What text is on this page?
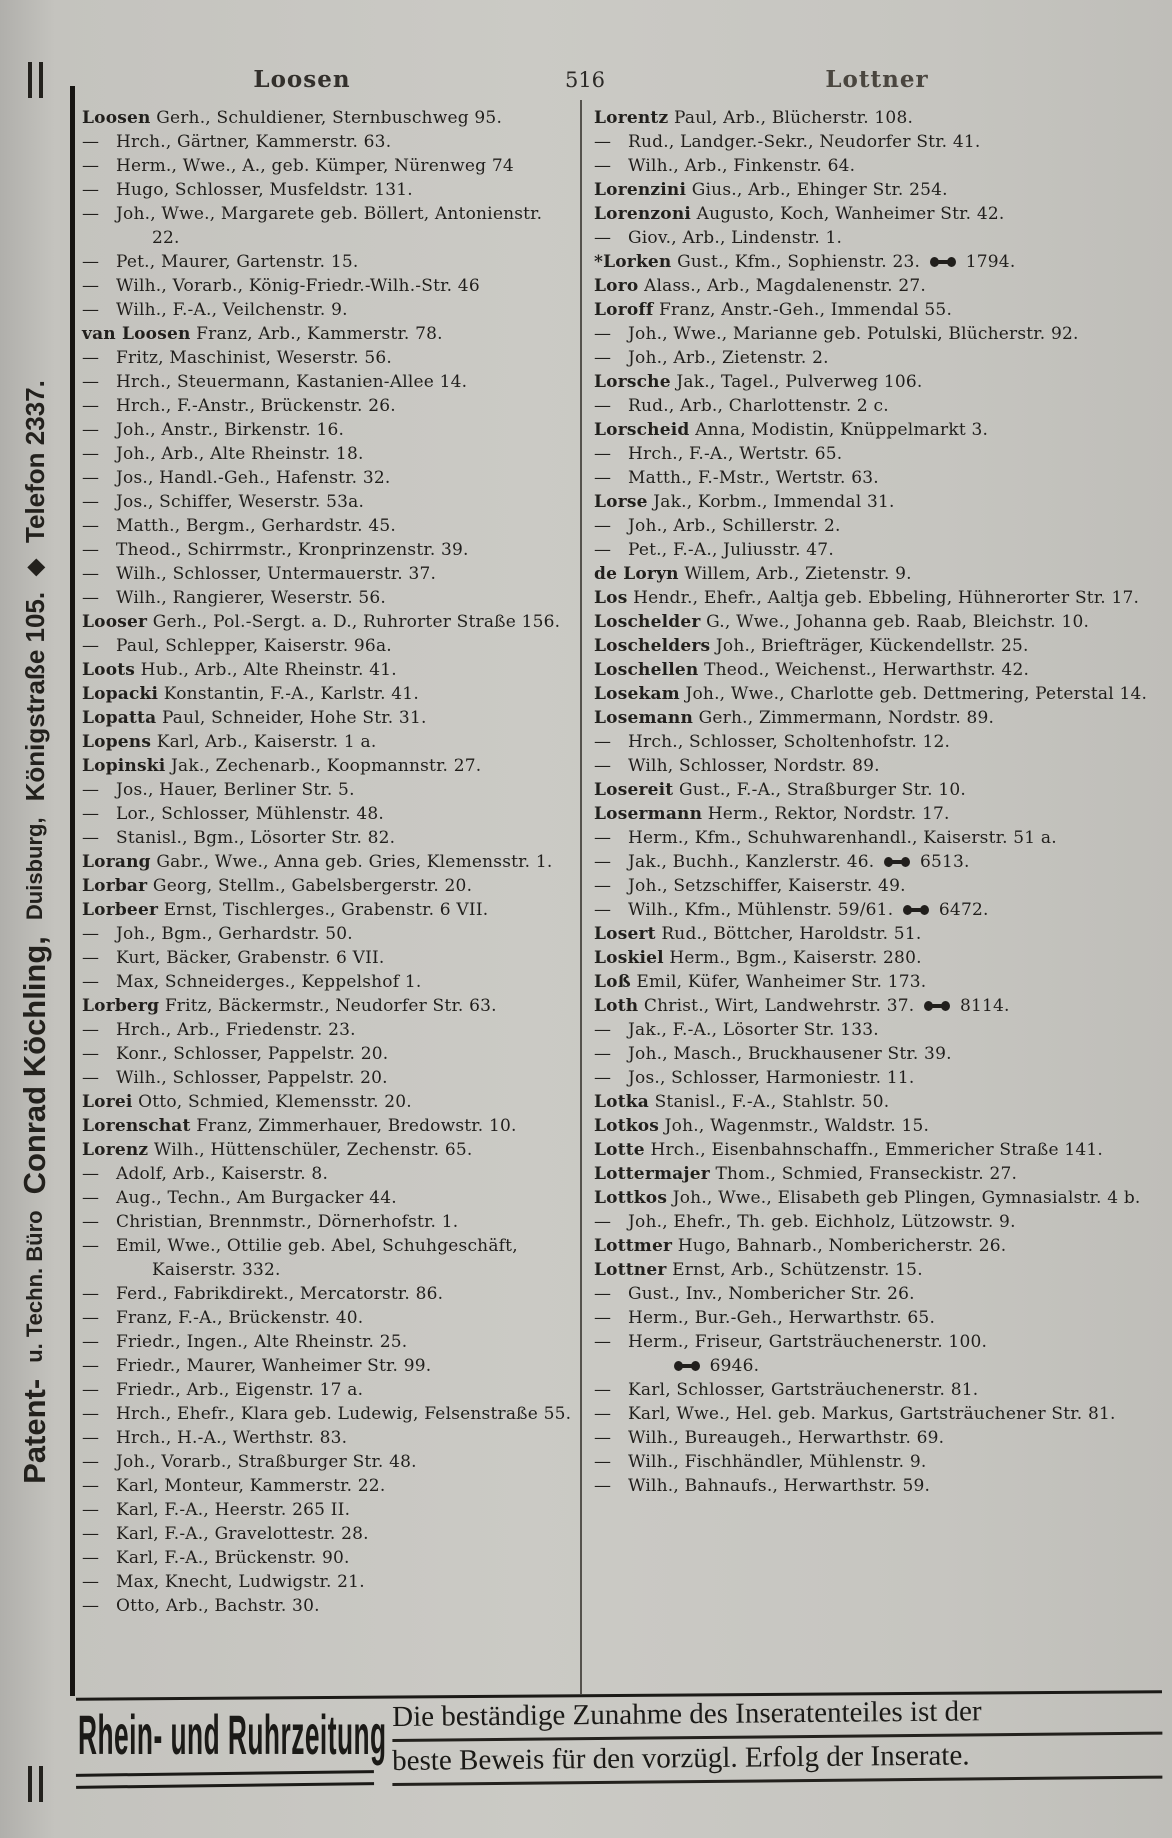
Patent-
u. Techn. Büro
Conrad Köchling,
Duisburg,
Königstraße 105.
◆
Telefon 2337.
Loosen	516	Lottner
Loosen Gerh., Schuldiener, Sternbuschweg 95.
— Hrch., Gärtner, Kammerstr. 63.
— Herm., Wwe., A., geb. Kümper, Nürenweg 74
— Hugo, Schlosser, Musfeldstr. 131.
— Joh., Wwe., Margarete geb. Böllert, Antonienstr. 22.
— Pet., Maurer, Gartenstr. 15.
— Wilh., Vorarb., König-Friedr.-Wilh.-Str. 46
— Wilh., F.-A., Veilchenstr. 9.
van Loosen Franz, Arb., Kammerstr. 78.
— Fritz, Maschinist, Weserstr. 56.
— Hrch., Steuermann, Kastanien-Allee 14.
— Hrch., F.-Anstr., Brückenstr. 26.
— Joh., Anstr., Birkenstr. 16.
— Joh., Arb., Alte Rheinstr. 18.
— Jos., Handl.-Geh., Hafenstr. 32.
— Jos., Schiffer, Weserstr. 53a.
— Matth., Bergm., Gerhardstr. 45.
— Theod., Schirrmstr., Kronprinzenstr. 39.
— Wilh., Schlosser, Untermauerstr. 37.
— Wilh., Rangierer, Weserstr. 56.
Looser Gerh., Pol.-Sergt. a. D., Ruhrorter Straße 156.
— Paul, Schlepper, Kaiserstr. 96a.
Loots Hub., Arb., Alte Rheinstr. 41.
Lopacki Konstantin, F.-A., Karlstr. 41.
Lopatta Paul, Schneider, Hohe Str. 31.
Lopens Karl, Arb., Kaiserstr. 1 a.
Lopinski Jak., Zechenarb., Koopmannstr. 27.
— Jos., Hauer, Berliner Str. 5.
— Lor., Schlosser, Mühlenstr. 48.
— Stanisl., Bgm., Lösorter Str. 82.
Lorang Gabr., Wwe., Anna geb. Gries, Klemensstr. 1.
Lorbar Georg, Stellm., Gabelsbergerstr. 20.
Lorbeer Ernst, Tischlerges., Grabenstr. 6 VII.
— Joh., Bgm., Gerhardstr. 50.
— Kurt, Bäcker, Grabenstr. 6 VII.
— Max, Schneiderges., Keppelshof 1.
Lorberg Fritz, Bäckermstr., Neudorfer Str. 63.
— Hrch., Arb., Friedenstr. 23.
— Konr., Schlosser, Pappelstr. 20.
— Wilh., Schlosser, Pappelstr. 20.
Lorei Otto, Schmied, Klemensstr. 20.
Lorenschat Franz, Zimmerhauer, Bredowstr. 10.
Lorenz Wilh., Hüttenschüler, Zechenstr. 65.
— Adolf, Arb., Kaiserstr. 8.
— Aug., Techn., Am Burgacker 44.
— Christian, Brennmstr., Dörnerhofstr. 1.
— Emil, Wwe., Ottilie geb. Abel, Schuhgeschäft, Kaiserstr. 332.
— Ferd., Fabrikdirekt., Mercatorstr. 86.
— Franz, F.-A., Brückenstr. 40.
— Friedr., Ingen., Alte Rheinstr. 25.
— Friedr., Maurer, Wanheimer Str. 99.
— Friedr., Arb., Eigenstr. 17 a.
— Hrch., Ehefr., Klara geb. Ludewig, Felsenstraße 55.
— Hrch., H.-A., Werthstr. 83.
— Joh., Vorarb., Straßburger Str. 48.
— Karl, Monteur, Kammerstr. 22.
— Karl, F.-A., Heerstr. 265 II.
— Karl, F.-A., Gravelottestr. 28.
— Karl, F.-A., Brückenstr. 90.
— Max, Knecht, Ludwigstr. 21.
— Otto, Arb., Bachstr. 30.
Lorentz Paul, Arb., Blücherstr. 108.
— Rud., Landger.-Sekr., Neudorfer Str. 41.
— Wilh., Arb., Finkenstr. 64.
Lorenzini Gius., Arb., Ehinger Str. 254.
Lorenzoni Augusto, Koch, Wanheimer Str. 42.
— Giov., Arb., Lindenstr. 1.
*Lorken Gust., Kfm., Sophienstr. 23. 1794.
Loro Alass., Arb., Magdalenenstr. 27.
Loroff Franz, Anstr.-Geh., Immendal 55.
— Joh., Wwe., Marianne geb. Potulski, Blücherstr. 92.
— Joh., Arb., Zietenstr. 2.
Lorsche Jak., Tagel., Pulverweg 106.
— Rud., Arb., Charlottenstr. 2 c.
Lorscheid Anna, Modistin, Knüppelmarkt 3.
— Hrch., F.-A., Wertstr. 65.
— Matth., F.-Mstr., Wertstr. 63.
Lorse Jak., Korbm., Immendal 31.
— Joh., Arb., Schillerstr. 2.
— Pet., F.-A., Juliusstr. 47.
de Loryn Willem, Arb., Zietenstr. 9.
Los Hendr., Ehefr., Aaltja geb. Ebbeling, Hühnerorter Str. 17.
Loschelder G., Wwe., Johanna geb. Raab, Bleichstr. 10.
Loschelders Joh., Briefträger, Kückendellstr. 25.
Loschellen Theod., Weichenst., Herwarthstr. 42.
Losekam Joh., Wwe., Charlotte geb. Dettmering, Peterstal 14.
Losemann Gerh., Zimmermann, Nordstr. 89.
— Hrch., Schlosser, Scholtenhofstr. 12.
— Wilh, Schlosser, Nordstr. 89.
Losereit Gust., F.-A., Straßburger Str. 10.
Losermann Herm., Rektor, Nordstr. 17.
— Herm., Kfm., Schuhwarenhandl., Kaiserstr. 51 a.
— Jak., Buchh., Kanzlerstr. 46. 6513.
— Joh., Setzschiffer, Kaiserstr. 49.
— Wilh., Kfm., Mühlenstr. 59/61. 6472.
Losert Rud., Böttcher, Haroldstr. 51.
Loskiel Herm., Bgm., Kaiserstr. 280.
Loß Emil, Küfer, Wanheimer Str. 173.
Loth Christ., Wirt, Landwehrstr. 37. 8114.
— Jak., F.-A., Lösorter Str. 133.
— Joh., Masch., Bruckhausener Str. 39.
— Jos., Schlosser, Harmoniestr. 11.
Lotka Stanisl., F.-A., Stahlstr. 50.
Lotkos Joh., Wagenmstr., Waldstr. 15.
Lotte Hrch., Eisenbahnschaffn., Emmericher Straße 141.
Lottermajer Thom., Schmied, Franseckistr. 27.
Lottkos Joh., Wwe., Elisabeth geb Plingen, Gymnasialstr. 4 b.
— Joh., Ehefr., Th. geb. Eichholz, Lützowstr. 9.
Lottmer Hugo, Bahnarb., Nombericherstr. 26.
Lottner Ernst, Arb., Schützenstr. 15.
— Gust., Inv., Nombericher Str. 26.
— Herm., Bur.-Geh., Herwarthstr. 65.
— Herm., Friseur, Gartsträuchenerstr. 100.
6946.
— Karl, Schlosser, Gartsträuchenerstr. 81.
— Karl, Wwe., Hel. geb. Markus, Gartsträuchener Str. 81.
— Wilh., Bureaugeh., Herwarthstr. 69.
— Wilh., Fischhändler, Mühlenstr. 9.
— Wilh., Bahnaufs., Herwarthstr. 59.
Rhein- und Ruhrzeitung Die beständige Zunahme des Inseratenteiles ist der
beste Beweis für den vorzügl. Erfolg der Inserate.
